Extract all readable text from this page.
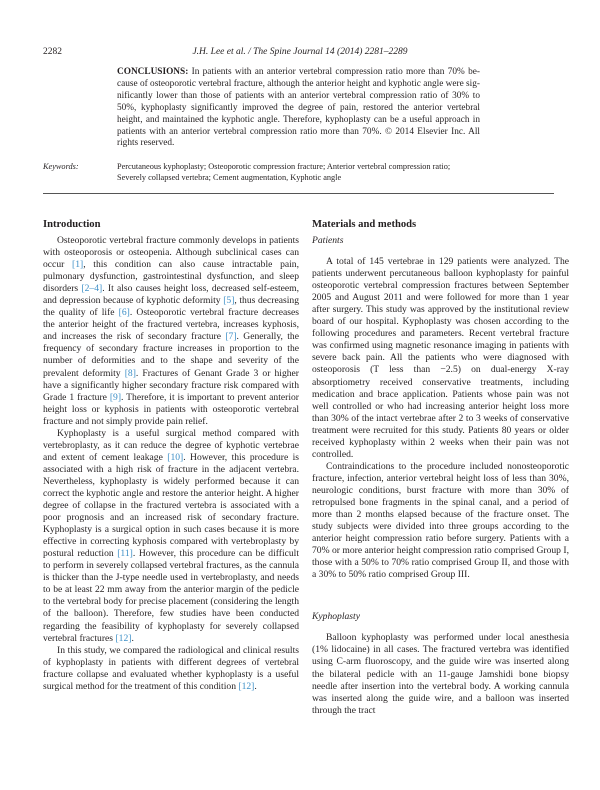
2282	J.H. Lee et al. / The Spine Journal 14 (2014) 2281–2289
CONCLUSIONS: In patients with an anterior vertebral compression ratio more than 70% because of osteoporotic vertebral fracture, although the anterior height and kyphotic angle were significantly lower than those of patients with an anterior vertebral compression ratio of 30% to 50%, kyphoplasty significantly improved the degree of pain, restored the anterior vertebral height, and maintained the kyphotic angle. Therefore, kyphoplasty can be a useful approach in patients with an anterior vertebral compression ratio more than 70%. © 2014 Elsevier Inc. All rights reserved.
Keywords:	Percutaneous kyphoplasty; Osteoporotic compression fracture; Anterior vertebral compression ratio; Severely collapsed vertebra; Cement augmentation, Kyphotic angle
Introduction	Materials and methods

Osteoporotic vertebral fracture commonly develops in patients with osteoporosis or osteopenia. Although subclinical cases can occur [1], this condition can also cause intractable pain, pulmonary dysfunction, gastrointestinal dysfunction, and sleep disorders [2–4]. It also causes height loss, decreased self-esteem, and depression because of kyphotic deformity [5], thus decreasing the quality of life [6]. Osteoporotic vertebral fracture decreases the anterior height of the fractured vertebra, increases kyphosis, and increases the risk of secondary fracture [7]. Generally, the frequency of secondary fracture increases in proportion to the number of deformities and to the shape and severity of the prevalent deformity [8]. Fractures of Genant Grade 3 or higher have a significantly higher secondary fracture risk compared with Grade 1 fracture [9]. Therefore, it is important to prevent anterior height loss or kyphosis in patients with osteoporotic vertebral fracture and not simply provide pain relief.

Kyphoplasty is a useful surgical method compared with vertebroplasty, as it can reduce the degree of kyphotic vertebrae and extent of cement leakage [10]. However, this procedure is associated with a high risk of fracture in the adjacent vertebra. Nevertheless, kyphoplasty is widely performed because it can correct the kyphotic angle and restore the anterior height. A higher degree of collapse in the fractured vertebra is associated with a poor prognosis and an increased risk of secondary fracture. Kyphoplasty is a surgical option in such cases because it is more effective in correcting kyphosis compared with vertebroplasty by postural reduction [11]. However, this procedure can be difficult to perform in severely collapsed vertebral fractures, as the cannula is thicker than the J-type needle used in vertebroplasty, and needs to be at least 22 mm away from the anterior margin of the pedicle to the vertebral body for precise placement (considering the length of the balloon). Therefore, few studies have been conducted regarding the feasibility of kyphoplasty for severely collapsed vertebral fractures [12].

In this study, we compared the radiological and clinical results of kyphoplasty in patients with different degrees of vertebral fracture collapse and evaluated whether kyphoplasty is a useful surgical method for the treatment of this condition [12].

Patients

A total of 145 vertebrae in 129 patients were analyzed. The patients underwent percutaneous balloon kyphoplasty for painful osteoporotic vertebral compression fractures between September 2005 and August 2011 and were followed for more than 1 year after surgery. This study was approved by the institutional review board of our hospital. Kyphoplasty was chosen according to the following procedures and parameters. Recent vertebral fracture was confirmed using magnetic resonance imaging in patients with severe back pain. All the patients who were diagnosed with osteoporosis (T less than −2.5) on dual-energy X-ray absorptiometry received conservative treatments, including medication and brace application. Patients whose pain was not well controlled or who had increasing anterior height loss more than 30% of the intact vertebrae after 2 to 3 weeks of conservative treatment were recruited for this study. Patients 80 years or older received kyphoplasty within 2 weeks when their pain was not controlled.

Contraindications to the procedure included nonosteoporotic fracture, infection, anterior vertebral height loss of less than 30%, neurologic conditions, burst fracture with more than 30% of retropulsed bone fragments in the spinal canal, and a period of more than 2 months elapsed because of the fracture onset. The study subjects were divided into three groups according to the anterior height compression ratio before surgery. Patients with a 70% or more anterior height compression ratio comprised Group I, those with a 50% to 70% ratio comprised Group II, and those with a 30% to 50% ratio comprised Group III.

Kyphoplasty

Balloon kyphoplasty was performed under local anesthesia (1% lidocaine) in all cases. The fractured vertebra was identified using C-arm fluoroscopy, and the guide wire was inserted along the bilateral pedicle with an 11-gauge Jamshidi bone biopsy needle after insertion into the vertebral body. A working cannula was inserted along the guide wire, and a balloon was inserted through the tract
